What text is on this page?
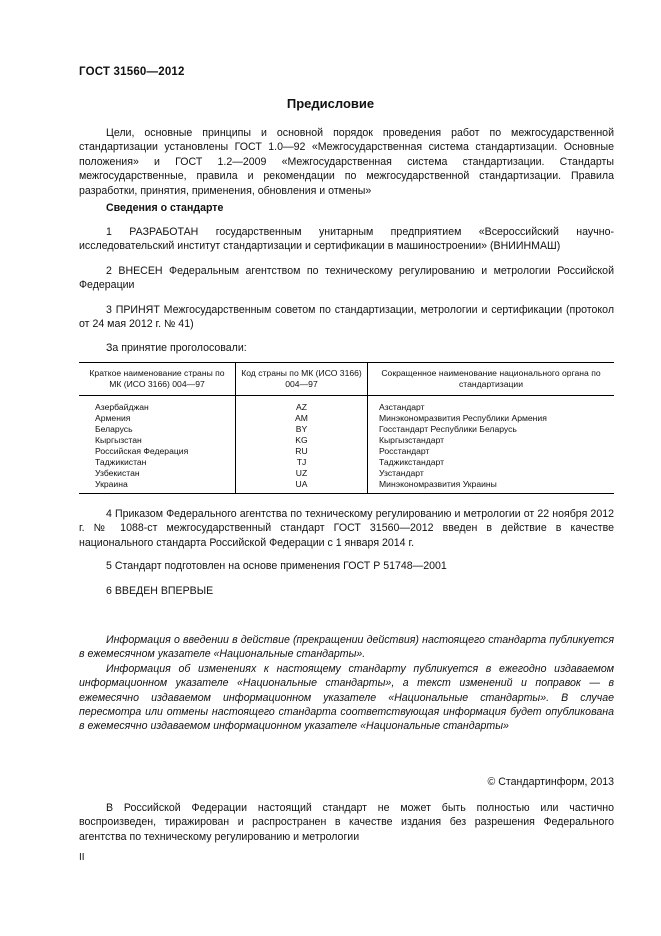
ГОСТ 31560—2012
Предисловие

Цели, основные принципы и основной порядок проведения работ по межгосударственной стандартизации установлены ГОСТ 1.0—92 «Межгосударственная система стандартизации. Основные положения» и ГОСТ 1.2—2009 «Межгосударственная система стандартизации. Стандарты межгосударственные, правила и рекомендации по межгосударственной стандартизации. Правила разработки, принятия, применения, обновления и отмены»

Сведения о стандарте

1 РАЗРАБОТАН государственным унитарным предприятием «Всероссийский научно-исследовательский институт стандартизации и сертификации в машиностроении» (ВНИИНМАШ)

2 ВНЕСЕН Федеральным агентством по техническому регулированию и метрологии Российской Федерации

3 ПРИНЯТ Межгосударственным советом по стандартизации, метрологии и сертификации (протокол от 24 мая 2012 г. № 41)

За принятие проголосовали:

Краткое наименование страны по МК (ИСО 3166) 004—97	Код страны по МК (ИСО 3166) 004—97	Сокращенное наименование национального органа по стандартизации

Азербайджан	AZ	Азстандарт
Армения	AM	Минэкономразвития Республики Армения
Беларусь	BY	Госстандарт Республики Беларусь
Кыргызстан	KG	Кыргызстандарт
Российская Федерация	RU	Росстандарт
Таджикистан	TJ	Таджикстандарт
Узбекистан	UZ	Узстандарт
Украина	UA	Минэкономразвития Украины

4 Приказом Федерального агентства по техническому регулированию и метрологии от 22 ноября 2012 г. № 1088-ст межгосударственный стандарт ГОСТ 31560—2012 введен в действие в качестве национального стандарта Российской Федерации с 1 января 2014 г.

5 Стандарт подготовлен на основе применения ГОСТ Р 51748—2001

6 ВВЕДЕН ВПЕРВЫЕ

Информация о введении в действие (прекращении действия) настоящего стандарта публикуется в ежемесячном указателе «Национальные стандарты».

Информация об изменениях к настоящему стандарту публикуется в ежегодно издаваемом информационном указателе «Национальные стандарты», а текст изменений и поправок — в ежемесячно издаваемом информационном указателе «Национальные стандарты». В случае пересмотра или отмены настоящего стандарта соответствующая информация будет опубликована в ежемесячно издаваемом информационном указателе «Национальные стандарты»

© Стандартинформ, 2013

В Российской Федерации настоящий стандарт не может быть полностью или частично воспроизведен, тиражирован и распространен в качестве издания без разрешения Федерального агентства по техническому регулированию и метрологии

II
